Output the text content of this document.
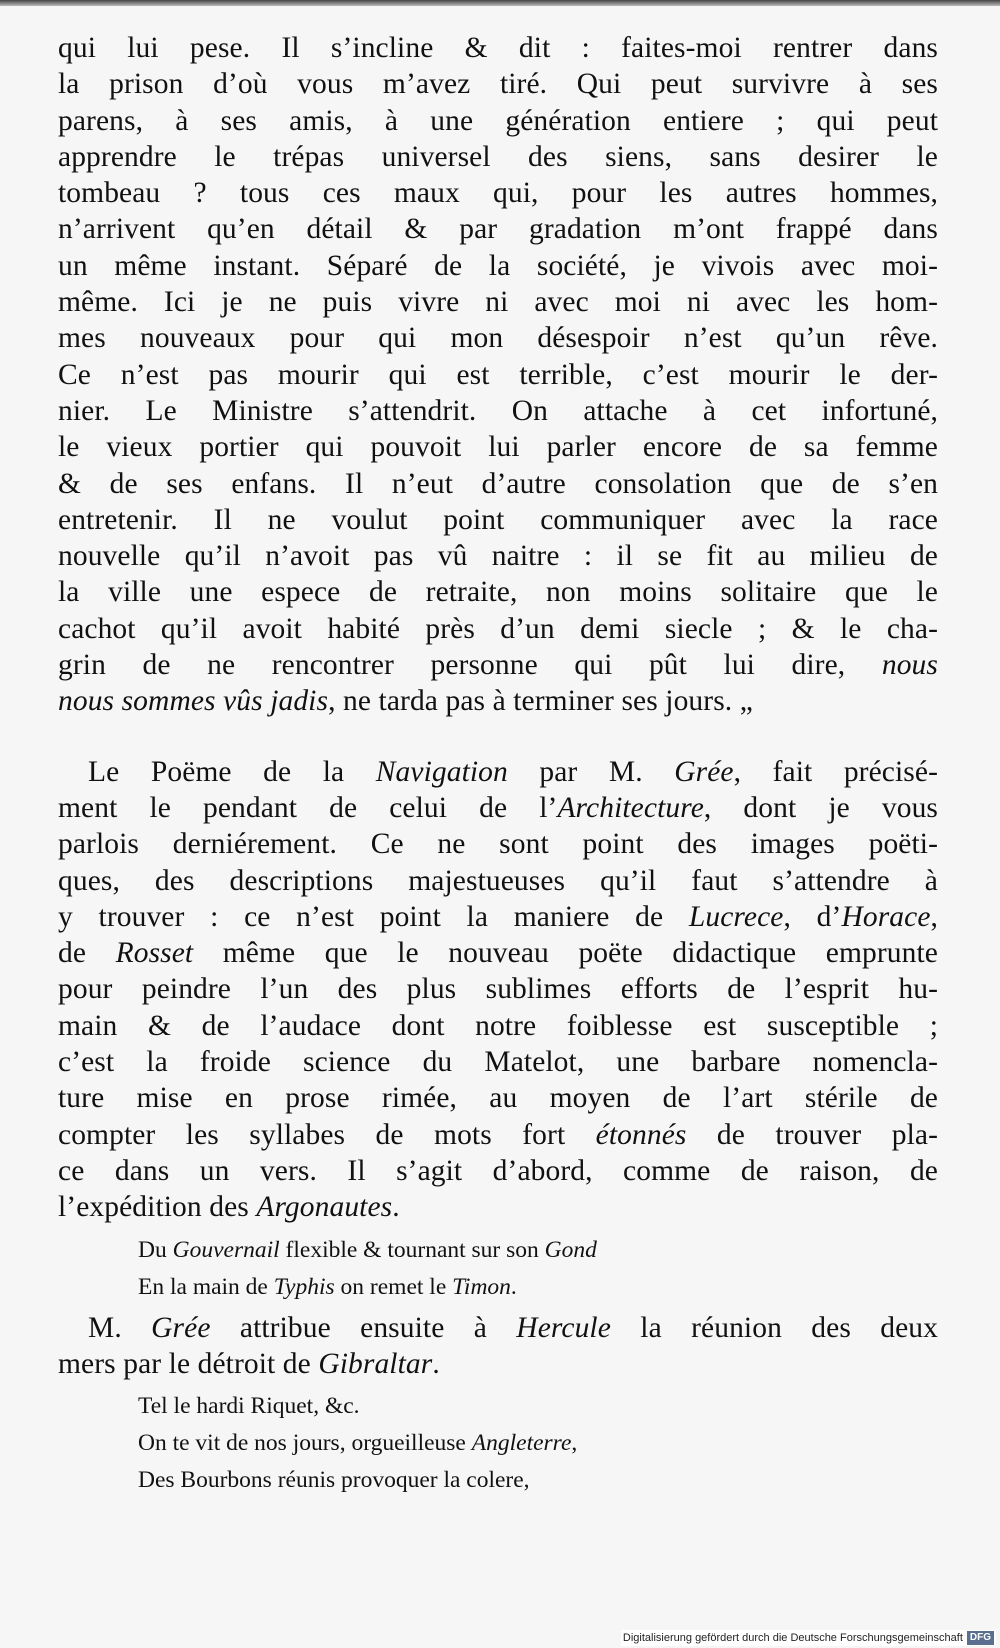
qui lui pese. Il s’incline & dit : faites-moi rentrer dans
la prison d’où vous m’avez tiré. Qui peut survivre à ses
parens, à ses amis, à une génération entiere ; qui peut
apprendre le trépas universel des siens, sans desirer le
tombeau ? tous ces maux qui, pour les autres hommes,
n’arrivent qu’en détail & par gradation m’ont frappé dans
un même instant. Séparé de la société, je vivois avec moi-
même. Ici je ne puis vivre ni avec moi ni avec les hom-
mes nouveaux pour qui mon désespoir n’est qu’un rêve.
Ce n’est pas mourir qui est terrible, c’est mourir le der-
nier. Le Ministre s’attendrit. On attache à cet infortuné,
le vieux portier qui pouvoit lui parler encore de sa femme
& de ses enfans. Il n’eut d’autre consolation que de s’en
entretenir. Il ne voulut point communiquer avec la race
nouvelle qu’il n’avoit pas vû naitre : il se fit au milieu de
la ville une espece de retraite, non moins solitaire que le
cachot qu’il avoit habité près d’un demi siecle ; & le cha-
grin de ne rencontrer personne qui pût lui dire, nous
nous sommes vûs jadis, ne tarda pas à terminer ses jours. „
Le Poëme de la Navigation par M. Grée, fait précisé-
ment le pendant de celui de l’Architecture, dont je vous
parlois derniérement. Ce ne sont point des images poëti-
ques, des descriptions majestueuses qu’il faut s’attendre à
y trouver : ce n’est point la maniere de Lucrece, d’Horace,
de Rosset même que le nouveau poëte didactique emprunte
pour peindre l’un des plus sublimes efforts de l’esprit hu-
main & de l’audace dont notre foiblesse est susceptible ;
c’est la froide science du Matelot, une barbare nomencla-
ture mise en prose rimée, au moyen de l’art stérile de
compter les syllabes de mots fort étonnés de trouver pla-
ce dans un vers. Il s’agit d’abord, comme de raison, de
l’expédition des Argonautes.
Du Gouvernail flexible & tournant sur son Gond
En la main de Typhis on remet le Timon.
M. Grée attribue ensuite à Hercule la réunion des deux
mers par le détroit de Gibraltar.
Tel le hardi Riquet, &c.
On te vit de nos jours, orgueilleuse Angleterre,
Des Bourbons réunis provoquer la colere,
Digitalisierung gefördert durch die Deutsche Forschungsgemeinschaft DFG
